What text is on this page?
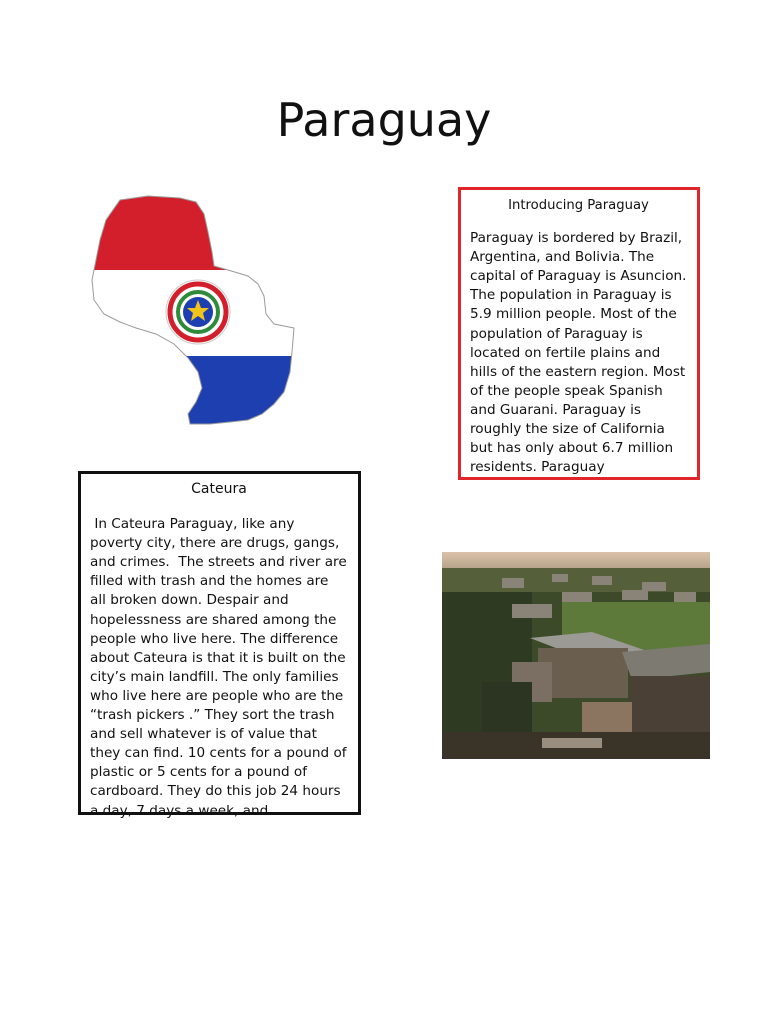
Paraguay

Introducing Paraguay

Paraguay is bordered by Brazil, Argentina, and Bolivia. The capital of Paraguay is Asuncion. The population in Paraguay is 5.9 million people. Most of the population of Paraguay is located on fertile plains and hills of the eastern region. Most of the people speak Spanish and Guarani. Paraguay is roughly the size of California but has only about 6.7 million residents. Paraguay

Cateura

In Cateura Paraguay, like any poverty city, there are drugs, gangs, and crimes.  The streets and river are filled with trash and the homes are all broken down. Despair and hopelessness are shared among the people who live here. The difference about Cateura is that it is built on the city’s main landfill. The only families who live here are people who are the “trash pickers .” They sort the trash and sell whatever is of value that they can find. 10 cents for a pound of plastic or 5 cents for a pound of cardboard. They do this job 24 hours a day, 7 days a week, and
